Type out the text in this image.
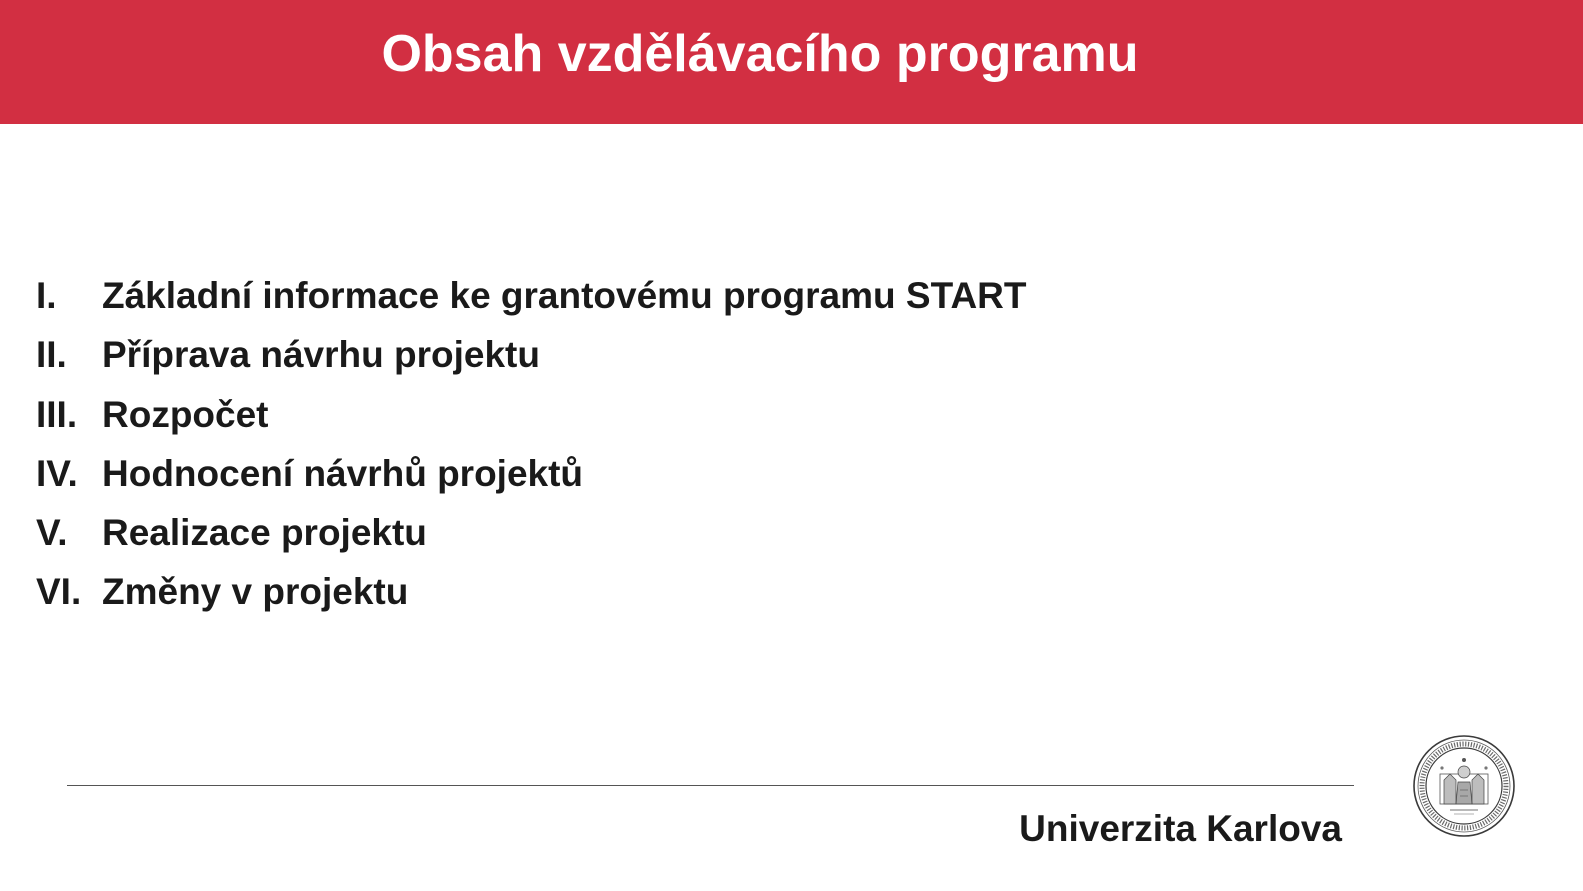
Obsah vzdělávacího programu
I.	Základní informace ke grantovému programu START
II. Příprava návrhu projektu
III. Rozpočet
IV. Hodnocení návrhů projektů
V. Realizace projektu
VI. Změny v projektu
Univerzita Karlova
